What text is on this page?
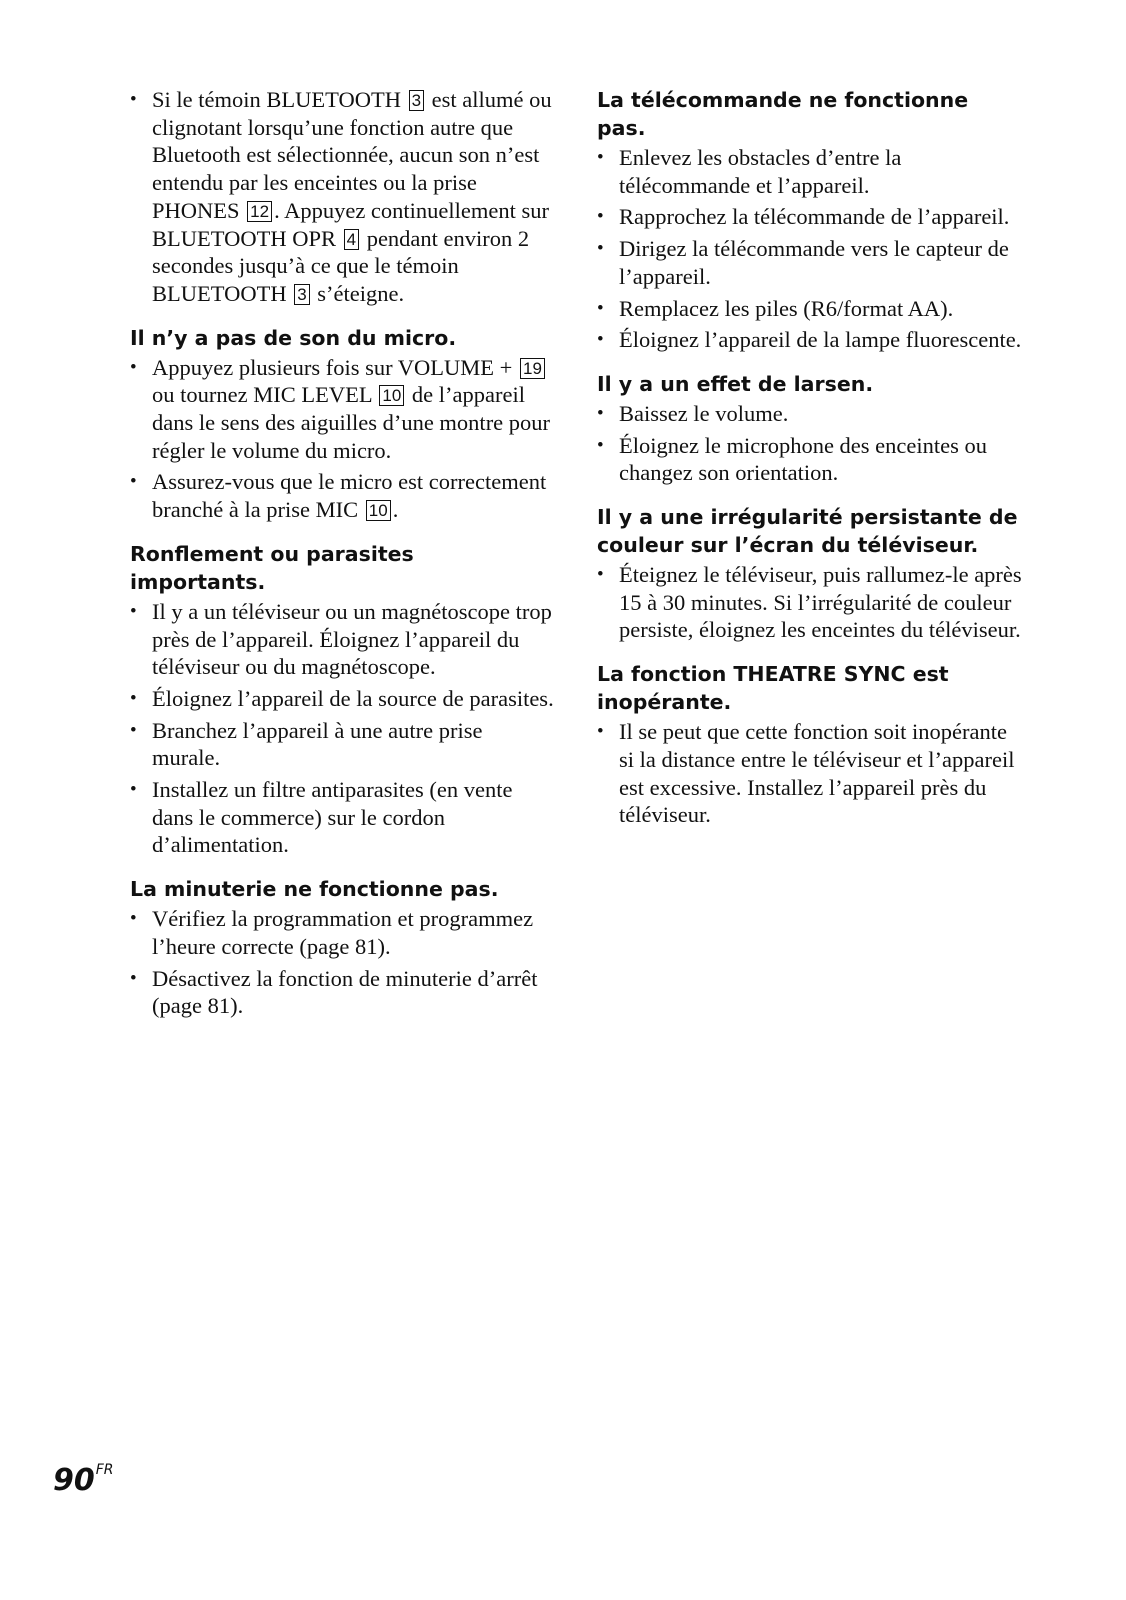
• Si le témoin BLUETOOTH 3 est allumé ou clignotant lorsqu’une fonction autre que Bluetooth est sélectionnée, aucun son n’est entendu par les enceintes ou la prise PHONES 12 . Appuyez continuellement sur BLUETOOTH OPR 4 pendant environ 2 secondes jusqu’à ce que le témoin BLUETOOTH 3 s’éteigne.
Il n’y a pas de son du micro.
• Appuyez plusieurs fois sur VOLUME + 19 ou tournez MIC LEVEL 10 de l’appareil dans le sens des aiguilles d’une montre pour régler le volume du micro.
• Assurez-vous que le micro est correctement branché à la prise MIC 10 .
Ronflement ou parasites importants.
• Il y a un téléviseur ou un magnétoscope trop près de l’appareil. Éloignez l’appareil du téléviseur ou du magnétoscope.
• Éloignez l’appareil de la source de parasites.
• Branchez l’appareil à une autre prise murale.
• Installez un filtre antiparasites (en vente dans le commerce) sur le cordon d’alimentation.
La minuterie ne fonctionne pas.
• Vérifiez la programmation et programmez l’heure correcte (page 81).
• Désactivez la fonction de minuterie d’arrêt (page 81).
La télécommande ne fonctionne pas.
• Enlevez les obstacles d’entre la télécommande et l’appareil.
• Rapprochez la télécommande de l’appareil.
• Dirigez la télécommande vers le capteur de l’appareil.
• Remplacez les piles (R6/format AA).
• Éloignez l’appareil de la lampe fluorescente.
Il y a un effet de larsen.
• Baissez le volume.
• Éloignez le microphone des enceintes ou changez son orientation.
Il y a une irrégularité persistante de couleur sur l’écran du téléviseur.
• Éteignez le téléviseur, puis rallumez-le après 15 à 30 minutes. Si l’irrégularité de couleur persiste, éloignez les enceintes du téléviseur.
La fonction THEATRE SYNC est inopérante.
• Il se peut que cette fonction soit inopérante si la distance entre le téléviseur et l’appareil est excessive. Installez l’appareil près du téléviseur.
$90^{FR}$
